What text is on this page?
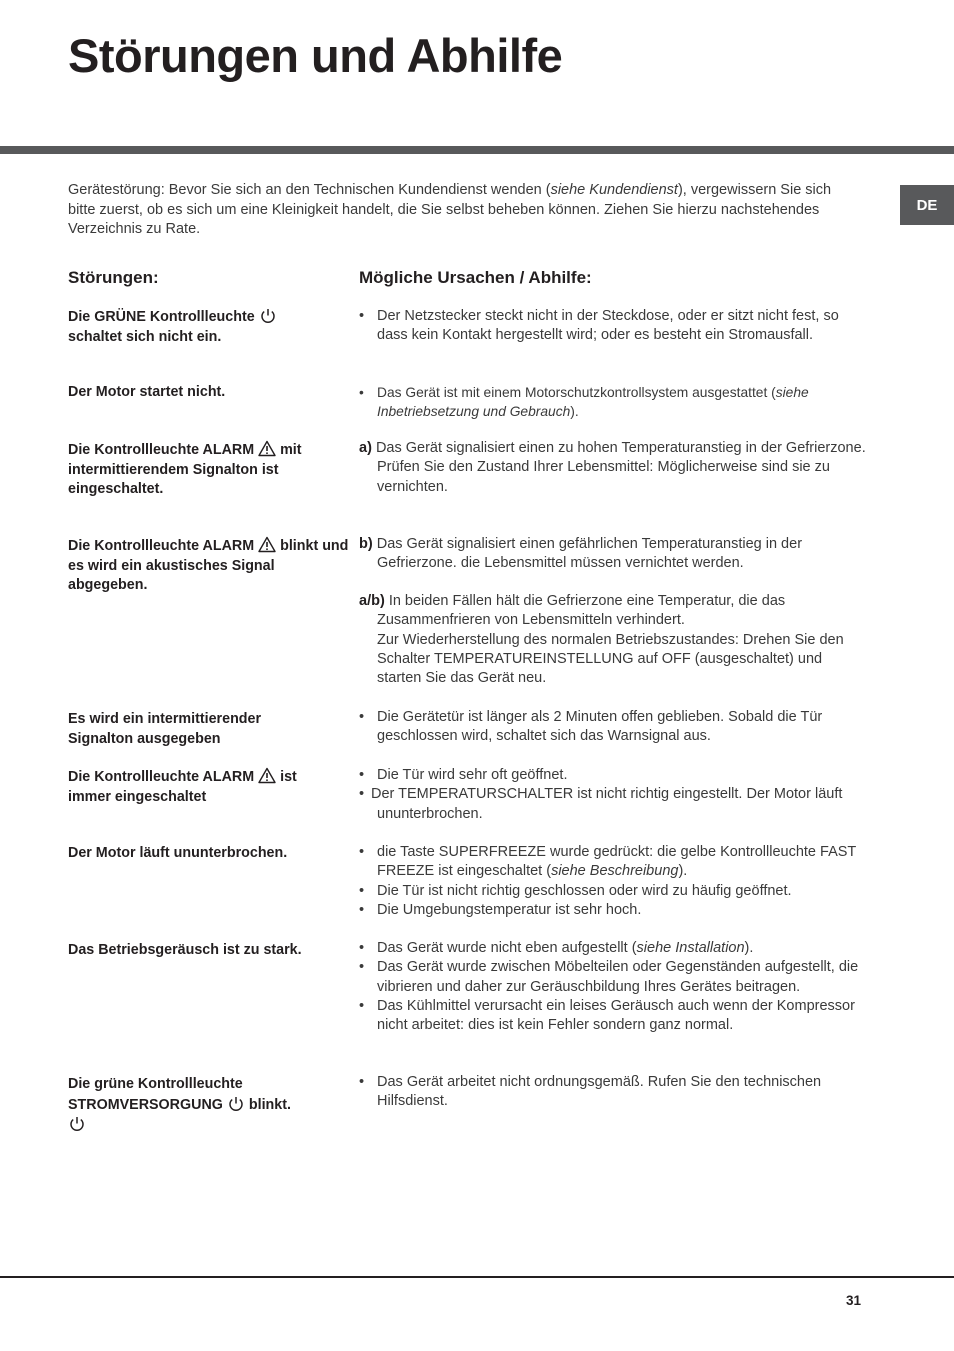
Störungen und Abhilfe
DE

Gerätestörung: Bevor Sie sich an den Technischen Kundendienst wenden (siehe Kundendienst), vergewissern Sie sich bitte zuerst, ob es sich um eine Kleinigkeit handelt, die Sie selbst beheben können. Ziehen Sie hierzu nachstehendes Verzeichnis zu Rate.

Störungen:	Mögliche Ursachen / Abhilfe:

Die GRÜNE Kontrollleuchte
schaltet sich nicht ein.

Der Motor startet nicht.

Die Kontrollleuchte ALARM mit intermittierendem Signalton ist eingeschaltet.

Die Kontrollleuchte ALARM blinkt und es wird ein akustisches Signal abgegeben.

Es wird ein intermittierender Signalton ausgegeben

Die Kontrollleuchte ALARM ist immer eingeschaltet

Der Motor läuft ununterbrochen.

Das Betriebsgeräusch ist zu stark.

Die grüne Kontrollleuchte STROMVERSORGUNG blinkt.

• Der Netzstecker steckt nicht in der Steckdose, oder er sitzt nicht fest, so dass kein Kontakt hergestellt wird; oder es besteht ein Stromausfall.
• Das Gerät ist mit einem Motorschutzkontrollsystem ausgestattet (siehe Inbetriebsetzung und Gebrauch).
a) Das Gerät signalisiert einen zu hohen Temperaturanstieg in der Gefrierzone.
Prüfen Sie den Zustand Ihrer Lebensmittel: Möglicherweise sind sie zu vernichten.
b) Das Gerät signalisiert einen gefährlichen Temperaturanstieg in der Gefrierzone. die Lebensmittel müssen vernichtet werden.
a/b) In beiden Fällen hält die Gefrierzone eine Temperatur, die das Zusammenfrieren von Lebensmitteln verhindert.
Zur Wiederherstellung des normalen Betriebszustandes: Drehen Sie den Schalter TEMPERATUREINSTELLUNG auf OFF (ausgeschaltet) und starten Sie das Gerät neu.
• Die Gerätetür ist länger als 2 Minuten offen geblieben. Sobald die Tür geschlossen wird, schaltet sich das Warnsignal aus.
• Die Tür wird sehr oft geöffnet.
• Der TEMPERATURSCHALTER ist nicht richtig eingestellt. Der Motor läuft ununterbrochen.
• die Taste SUPERFREEZE wurde gedrückt: die gelbe Kontrollleuchte FAST FREEZE ist eingeschaltet (siehe Beschreibung).
• Die Tür ist nicht richtig geschlossen oder wird zu häufig geöffnet.
• Die Umgebungstemperatur ist sehr hoch.
• Das Gerät wurde nicht eben aufgestellt (siehe Installation).
• Das Gerät wurde zwischen Möbelteilen oder Gegenständen aufgestellt, die vibrieren und daher zur Geräuschbildung Ihres Gerätes beitragen.
• Das Kühlmittel verursacht ein leises Geräusch auch wenn der Kompressor nicht arbeitet: dies ist kein Fehler sondern ganz normal.
• Das Gerät arbeitet nicht ordnungsgemäß. Rufen Sie den technischen Hilfsdienst.
31
